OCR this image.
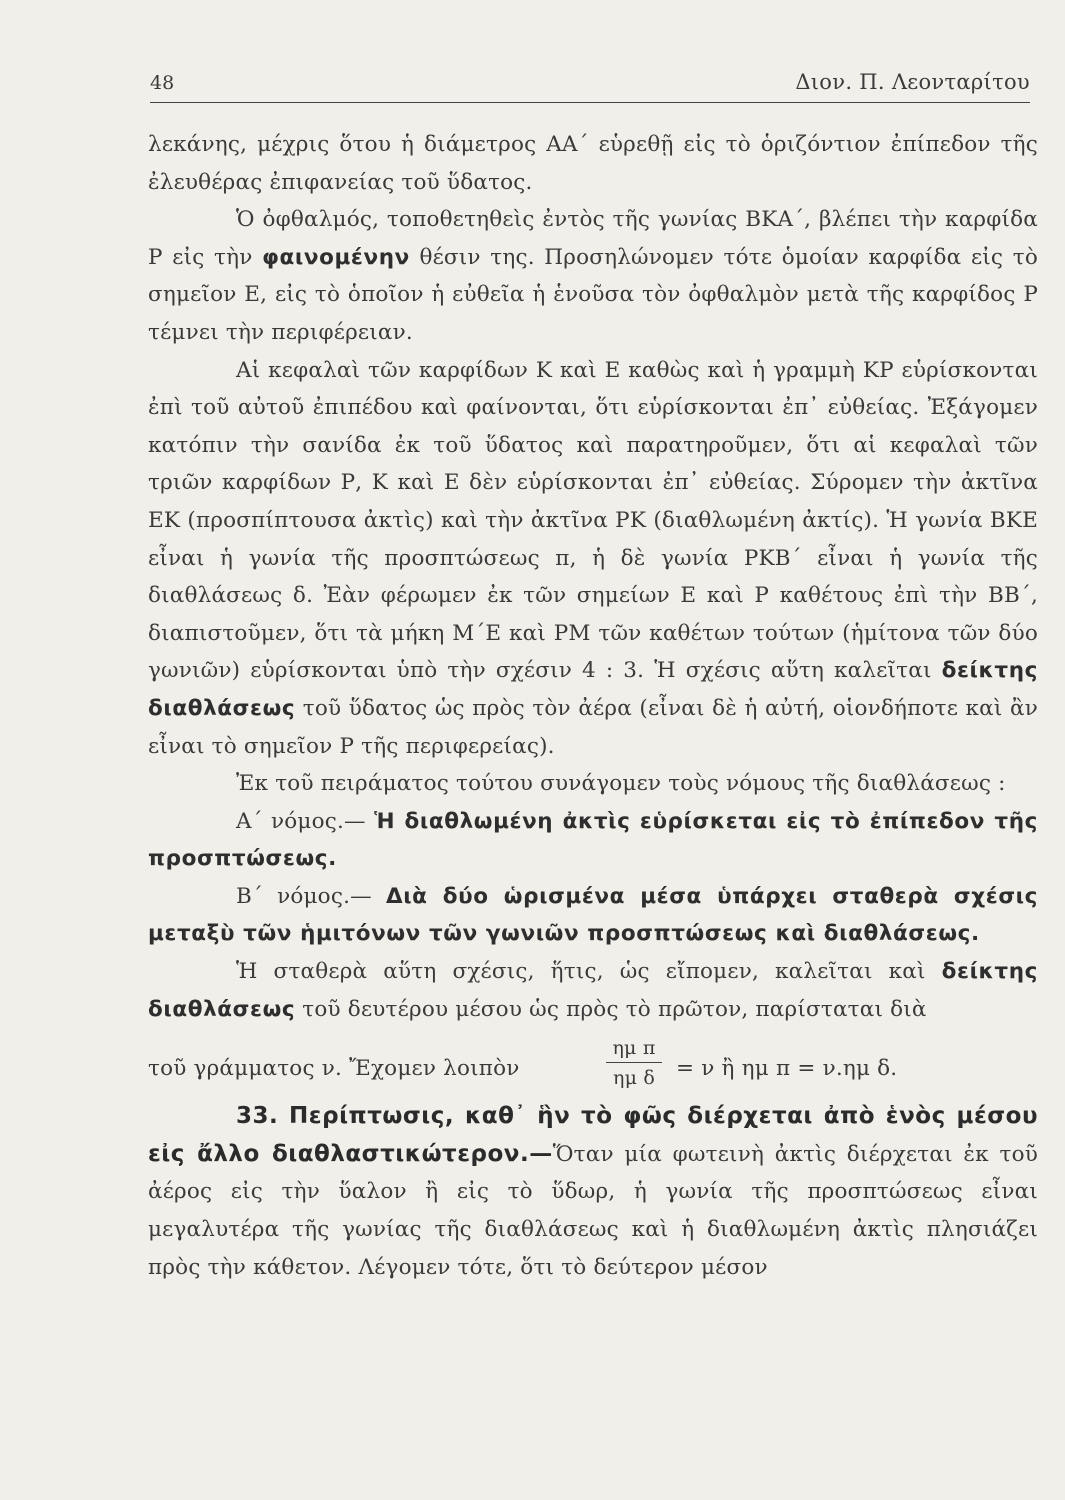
48	Διον. Π. Λεονταρίτου

λεκάνης, μέχρις ὅτου ἡ διάμετρος ΑΑ΄ εὑρεθῇ εἰς τὸ ὁριζόντιον ἐπίπεδον τῆς ἐλευθέρας ἐπιφανείας τοῦ ὕδατος.

Ὁ ὀφθαλμός, τοποθετηθεὶς ἐντὸς τῆς γωνίας ΒΚΑ΄, βλέπει τὴν καρφίδα Ρ εἰς τὴν φαινομένην θέσιν της. Προσηλώνομεν τότε ὁμοίαν καρφίδα εἰς τὸ σημεῖον Ε, εἰς τὸ ὁποῖον ἡ εὐθεῖα ἡ ἑνοῦσα τὸν ὀφθαλμὸν μετὰ τῆς καρφίδος Ρ τέμνει τὴν περιφέρειαν.

Αἱ κεφαλαὶ τῶν καρφίδων Κ καὶ Ε καθὼς καὶ ἡ γραμμὴ ΚΡ εὑρίσκονται ἐπὶ τοῦ αὐτοῦ ἐπιπέδου καὶ φαίνονται, ὅτι εὑρίσκονται ἐπ᾽ εὐθείας. Ἐξάγομεν κατόπιν τὴν σανίδα ἐκ τοῦ ὕδατος καὶ παρατηροῦμεν, ὅτι αἱ κεφαλαὶ τῶν τριῶν καρφίδων Ρ, Κ καὶ Ε δὲν εὑρίσκονται ἐπ᾽ εὐθείας. Σύρομεν τὴν ἀκτῖνα ΕΚ (προσπίπτουσα ἀκτὶς) καὶ τὴν ἀκτῖνα ΡΚ (διαθλωμένη ἀκτίς). Ἡ γωνία ΒΚΕ εἶναι ἡ γωνία τῆς προσπτώσεως π, ἡ δὲ γωνία ΡΚΒ΄ εἶναι ἡ γωνία τῆς διαθλάσεως δ. Ἐὰν φέρωμεν ἐκ τῶν σημείων Ε καὶ Ρ καθέτους ἐπὶ τὴν ΒΒ΄, διαπιστοῦμεν, ὅτι τὰ μήκη Μ΄Ε καὶ ΡΜ τῶν καθέτων τούτων (ἡμίτονα τῶν δύο γωνιῶν) εὑρίσκονται ὑπὸ τὴν σχέσιν 4 : 3. Ἡ σχέσις αὕτη καλεῖται δείκτης διαθλάσεως τοῦ ὕδατος ὡς πρὸς τὸν ἀέρα (εἶναι δὲ ἡ αὐτή, οἱονδήποτε καὶ ἂν εἶναι τὸ σημεῖον Ρ τῆς περιφερείας).

Ἐκ τοῦ πειράματος τούτου συνάγομεν τοὺς νόμους τῆς διαθλάσεως :

Α΄ νόμος.— Ἡ διαθλωμένη ἀκτὶς εὑρίσκεται εἰς τὸ ἐπίπεδον τῆς προσπτώσεως.

Β΄ νόμος.— Διὰ δύο ὡρισμένα μέσα ὑπάρχει σταθερὰ σχέσις μεταξὺ τῶν ἡμιτόνων τῶν γωνιῶν προσπτώσεως καὶ διαθλάσεως.

Ἡ σταθερὰ αὕτη σχέσις, ἥτις, ὡς εἴπομεν, καλεῖται καὶ δείκτης διαθλάσεως τοῦ δευτέρου μέσου ὡς πρὸς τὸ πρῶτον, παρίσταται διὰ

τοῦ γράμματος ν. Ἔχομεν λοιπὸν	$\frac{\text{ημ π}}{\text{ημ δ}} = \nu$ ἢ ημ π = ν.ημ δ.

33. Περίπτωσις, καθ᾽ ἣν τὸ φῶς διέρχεται ἀπὸ ἑνὸς μέσου εἰς ἄλλο διαθλαστικώτερον.—Ὅταν μία φωτεινὴ ἀκτὶς διέρχεται ἐκ τοῦ ἀέρος εἰς τὴν ὕαλον ἢ εἰς τὸ ὕδωρ, ἡ γωνία τῆς προσπτώσεως εἶναι μεγαλυτέρα τῆς γωνίας τῆς διαθλάσεως καὶ ἡ διαθλωμένη ἀκτὶς πλησιάζει πρὸς τὴν κάθετον. Λέγομεν τότε, ὅτι τὸ δεύτερον μέσον
